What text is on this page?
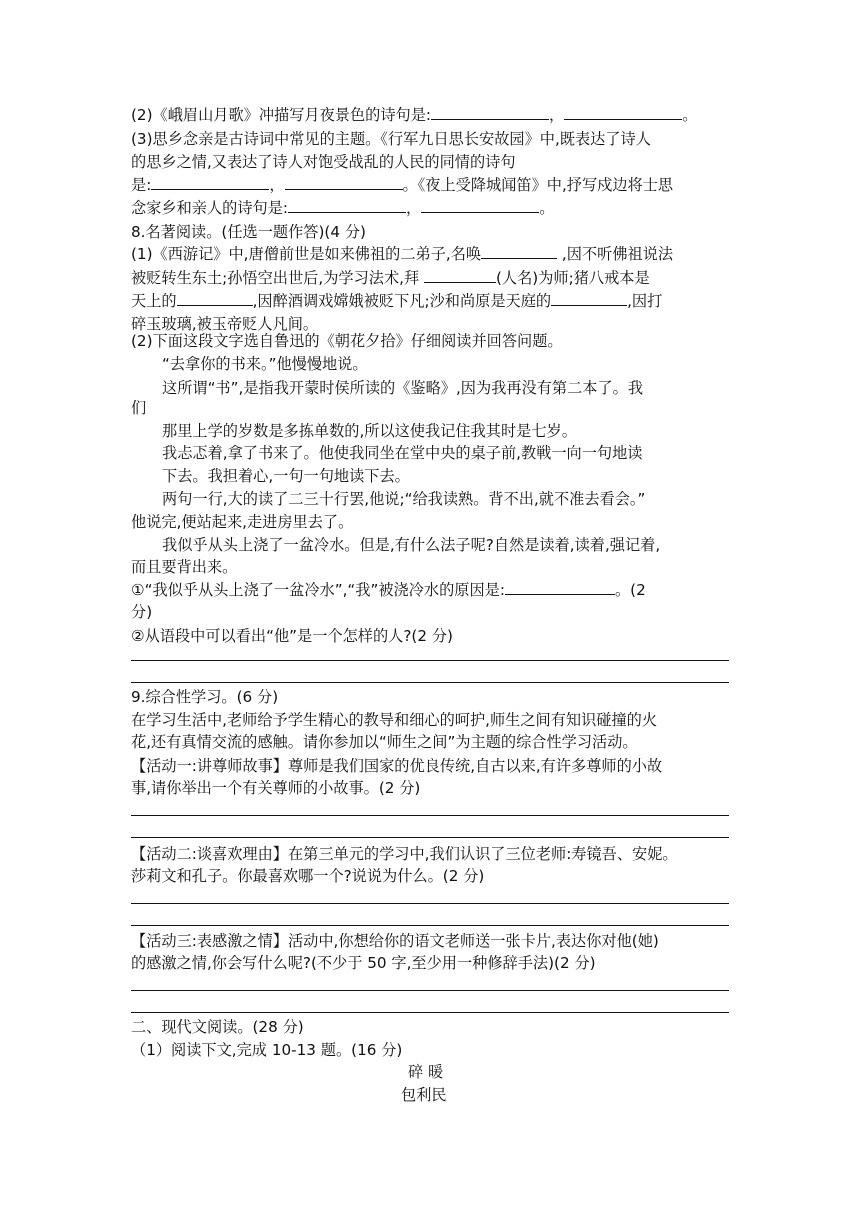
(2)《峨眉山月歌》冲描写月夜景色的诗句是:	，	。
(3)思乡念亲是古诗词中常见的主题。《行军九日思长安故园》中,既表达了诗人
的思乡之情,又表达了诗人对饱受战乱的人民的同情的诗句
是:	，	。《夜上受降城闻笛》中,抒写戍边将士思
念家乡和亲人的诗句是:	，	。
8.名著阅读。(任选一题作答)(4 分)
(1)《西游记》中,唐僧前世是如来佛祖的二弟子,名唤	,因不听佛祖说法
被贬转生东土;孙悟空出世后,为学习法术,拜	(人名)为师;猪八戒本是
天上的	,因醉酒调戏嫦娥被贬下凡;沙和尚原是天庭的	,因打
碎玉玻璃,被玉帝贬人凡间。
(2)下面这段文字选自鲁迅的《朝花夕拾》仔细阅读并回答问题。
“去拿你的书来。”他慢慢地说。
这所谓“书”,是指我开蒙时侯所读的《鉴略》,因为我再没有第二本了。我
们
那里上学的岁数是多拣单数的,所以这使我记住我其时是七岁。
我忐忑着,拿了书来了。他使我同坐在堂中央的桌子前,教戦一向一句地读
下去。我担着心,一句一句地读下去。
两句一行,大的读了二三十行罢,他说;“给我读熟。背不出,就不准去看会。”
他说完,便站起来,走进房里去了。
我似乎从头上浇了一盆冷水。但是,有什么法子呢?自然是读着,读着,强记着,
而且要背出来。
①“我似乎从头上浇了一盆冷水”,“我”被浇冷水的原因是:	。(2
分)
②从语段中可以看出“他”是一个怎样的人?(2 分)
9.综合性学习。(6 分)
在学习生活中,老师给予学生精心的教导和细心的呵护,师生之间有知识碰撞的火
花,还有真情交流的感触。请你参加以“师生之间”为主题的综合性学习活动。
【活动一:讲尊师故事】尊师是我们国家的优良传统,自古以来,有许多尊师的小故
事,请你举出一个有关尊师的小故事。(2 分)
【活动二:谈喜欢理由】在第三单元的学习中,我们认识了三位老师:寿镜吾、安妮。
莎莉文和孔子。你最喜欢哪一个?说说为什么。(2 分)
【活动三:表感激之情】活动中,你想给你的语文老师送一张卡片,表达你对他(她)
的感激之情,你会写什么呢?(不少于 50 字,至少用一种修辞手法)(2 分)
二、现代文阅读。(28 分)
（1）阅读下文,完成 10-13 题。(16 分)
碎 暖
包利民
